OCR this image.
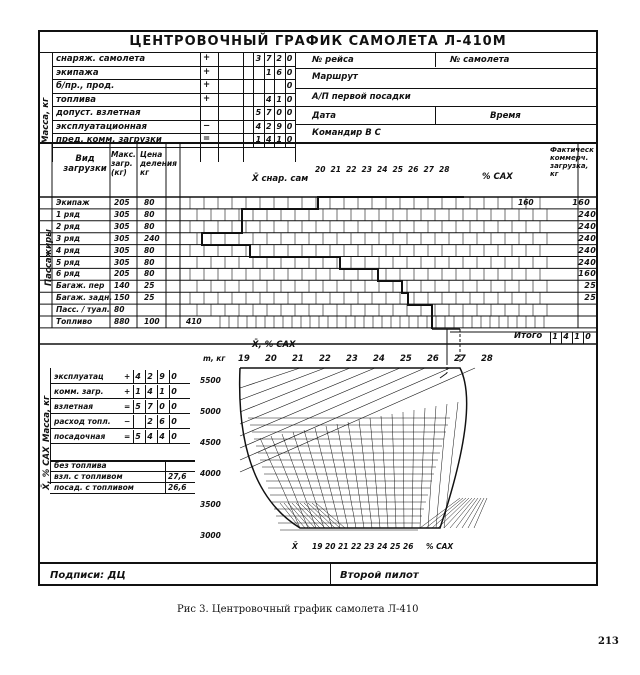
ЦЕНТРОВОЧНЫЙ ГРАФИК САМОЛЕТА Л-410М
Масса, кг
снаряж. самолета	+	3 7 2 0
экипажа	+	1 6 0
б/пр., прод.	+	0
топлива	+	4 1 0
допуст. взлетная	5 7 0 0
эксплуатационная	−	4 2 9 0
пред. комм. загрузки	=	1 4 1 0
№ рейса	№ самолета
Маршрут
А/П первой посадки
Дата	Время
Командир В С
Вид загрузки
Макс. загр. (кг)
Цена деления кг
Фактическ коммерч. загрузка, кг
X̄ снар. сам	% САХ
20 21 22 23 24 25 26 27 28
Пассажиры
Экипаж	205 80	160	1 6 0
1 ряд	305 80	2 4 0
2 ряд	305 80	2 4 0
3 ряд	305 240	2 4 0
4 ряд	305 80	2 4 0
5 ряд	305 80	2 4 0
6 ряд	205 80	1 6 0
Багаж. пер 140 25	2 5
Багаж. задн. 150 25	2 5
Пасс. / туал. 80
Топливо	880 100	410
Итого 1 4 1 0
Масса, кг
X̄, % САХ
эксплуатац	+ 4 2 9 0
комм. загр.	+ 1 4 1 0
взлетная	= 5 7 0 0
расход топл. − 2 6 0
посадочная = 5 4 4 0
без топлива
взл. с топливом	27,6
посад. с топливом	26,6
X̄, % САХ
m, кг 19 20 21 22 23 24 25 26 27 28
5500
5000
4500
4000
3500
3000
X̄ 19 20 21 22 23 24 25 26 % САХ
Подписи: ДЦ	Второй пилот
Рис 3. Центровочный график самолета Л-410
213
